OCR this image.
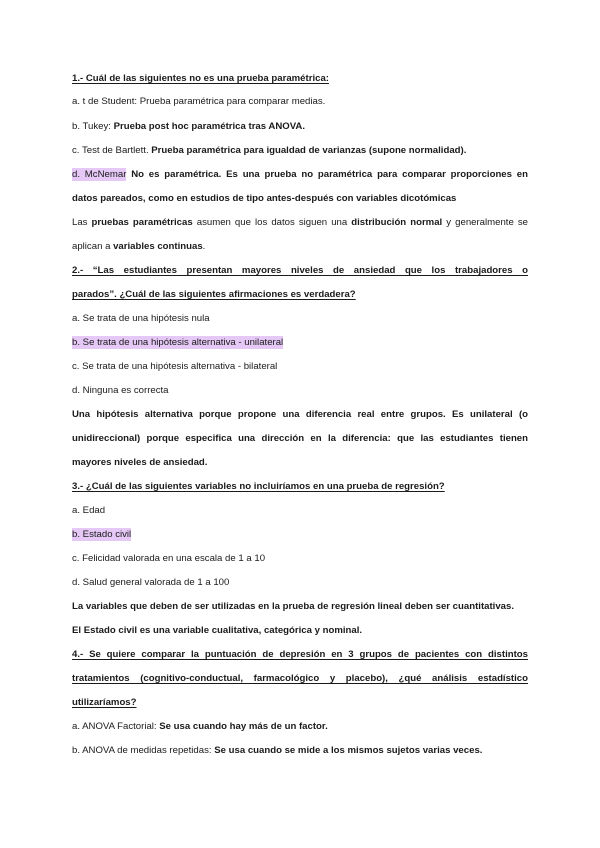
1.- Cuál de las siguientes no es una prueba paramétrica:
a. t de Student: Prueba paramétrica para comparar medias.
b. Tukey: Prueba post hoc paramétrica tras ANOVA.
c. Test de Bartlett. Prueba paramétrica para igualdad de varianzas (supone normalidad).
d. McNemar No es paramétrica. Es una prueba no paramétrica para comparar proporciones en
datos pareados, como en estudios de tipo antes-después con variables dicotómicas
Las pruebas paramétricas asumen que los datos siguen una distribución normal y generalmente se
aplican a variables continuas.
2.- “Las estudiantes presentan mayores niveles de ansiedad que los trabajadores o
parados”. ¿Cuál de las siguientes afirmaciones es verdadera?
a. Se trata de una hipótesis nula
b. Se trata de una hipótesis alternativa - unilateral
c. Se trata de una hipótesis alternativa - bilateral
d. Ninguna es correcta
Una hipótesis alternativa porque propone una diferencia real entre grupos. Es unilateral (o
unidireccional) porque especifica una dirección en la diferencia: que las estudiantes tienen
mayores niveles de ansiedad.
3.- ¿Cuál de las siguientes variables no incluiríamos en una prueba de regresión?
a. Edad
b. Estado civil
c. Felicidad valorada en una escala de 1 a 10
d. Salud general valorada de 1 a 100
La variables que deben de ser utilizadas en la prueba de regresión lineal deben ser cuantitativas.
El Estado civil es una variable cualitativa, categórica y nominal.
4.- Se quiere comparar la puntuación de depresión en 3 grupos de pacientes con distintos
tratamientos (cognitivo-conductual, farmacológico y placebo), ¿qué análisis estadístico
utilizaríamos?
a. ANOVA Factorial: Se usa cuando hay más de un factor.
b. ANOVA de medidas repetidas: Se usa cuando se mide a los mismos sujetos varias veces.
